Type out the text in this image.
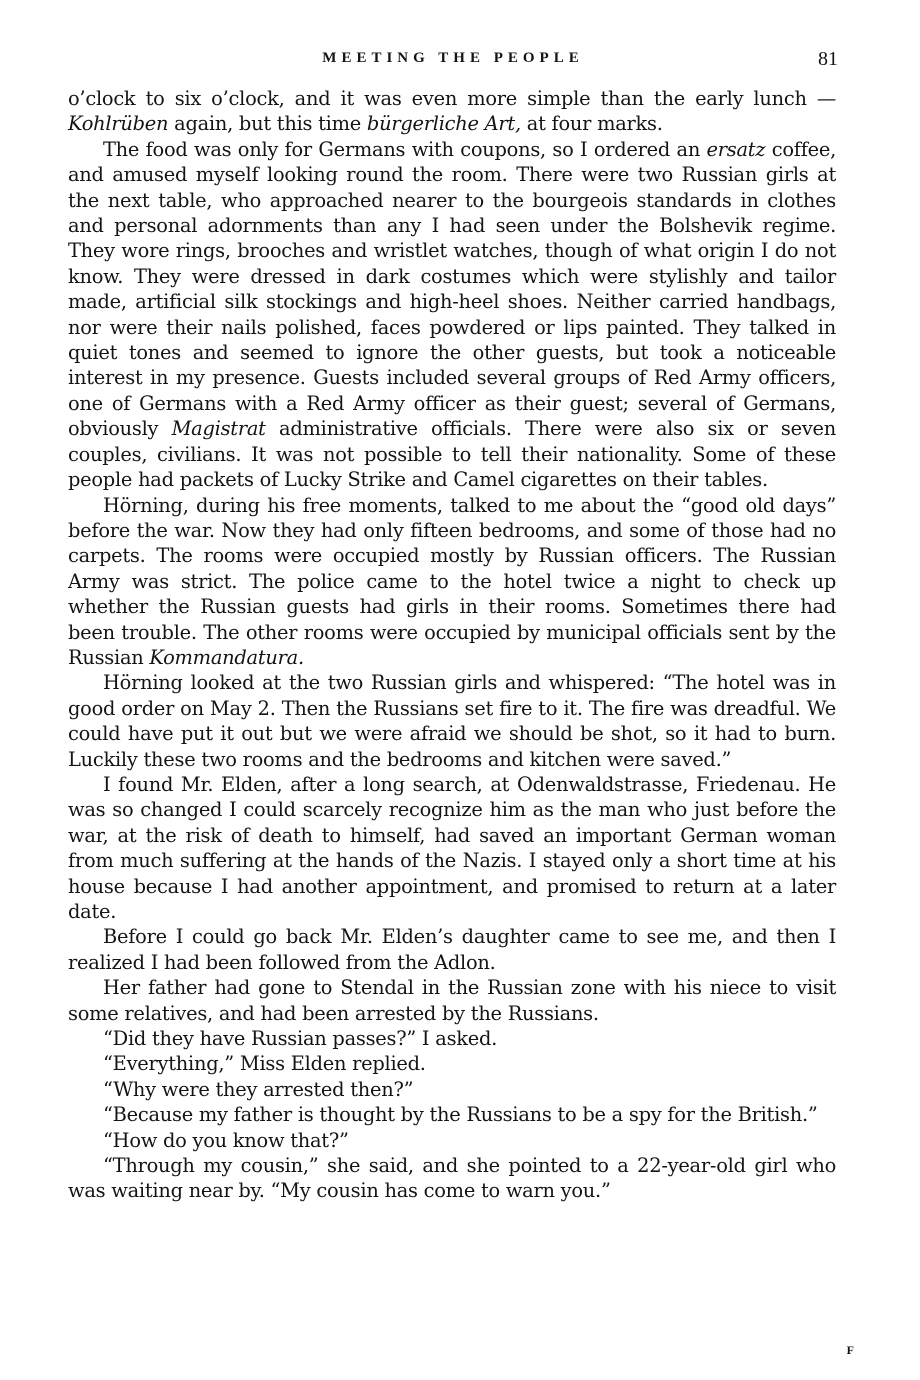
MEETING THE PEOPLE	81

o’clock to six o’clock, and it was even more simple than the early lunch —Kohlrüben again, but this time bürgerliche Art, at four marks.

The food was only for Germans with coupons, so I ordered an ersatz coffee, and amused myself looking round the room. There were two Russian girls at the next table, who approached nearer to the bourgeois standards in clothes and personal adornments than any I had seen under the Bolshevik regime. They wore rings, brooches and wristlet watches, though of what origin I do not know. They were dressed in dark costumes which were stylishly and tailor made, artificial silk stockings and high-heel shoes. Neither carried handbags, nor were their nails polished, faces powdered or lips painted. They talked in quiet tones and seemed to ignore the other guests, but took a noticeable interest in my presence. Guests included several groups of Red Army officers, one of Germans with a Red Army officer as their guest; several of Germans, obviously Magistrat administrative officials. There were also six or seven couples, civilians. It was not possible to tell their nationality. Some of these people had packets of Lucky Strike and Camel cigarettes on their tables.

Hörning, during his free moments, talked to me about the “good old days” before the war. Now they had only fifteen bedrooms, and some of those had no carpets. The rooms were occupied mostly by Russian officers. The Russian Army was strict. The police came to the hotel twice a night to check up whether the Russian guests had girls in their rooms. Sometimes there had been trouble. The other rooms were occupied by municipal officials sent by the Russian Kommandatura.

Hörning looked at the two Russian girls and whispered: “The hotel was in good order on May 2. Then the Russians set fire to it. The fire was dreadful. We could have put it out but we were afraid we should be shot, so it had to burn. Luckily these two rooms and the bedrooms and kitchen were saved.”

I found Mr. Elden, after a long search, at Odenwaldstrasse, Friedenau. He was so changed I could scarcely recognize him as the man who just before the war, at the risk of death to himself, had saved an important German woman from much suffering at the hands of the Nazis. I stayed only a short time at his house because I had another appointment, and promised to return at a later date.

Before I could go back Mr. Elden’s daughter came to see me, and then I realized I had been followed from the Adlon.

Her father had gone to Stendal in the Russian zone with his niece to visit some relatives, and had been arrested by the Russians.

“Did they have Russian passes?” I asked.

“Everything,” Miss Elden replied.

“Why were they arrested then?”

“Because my father is thought by the Russians to be a spy for the British.”

“How do you know that?”

“Through my cousin,” she said, and she pointed to a 22-year-old girl who was waiting near by. “My cousin has come to warn you.”

F
